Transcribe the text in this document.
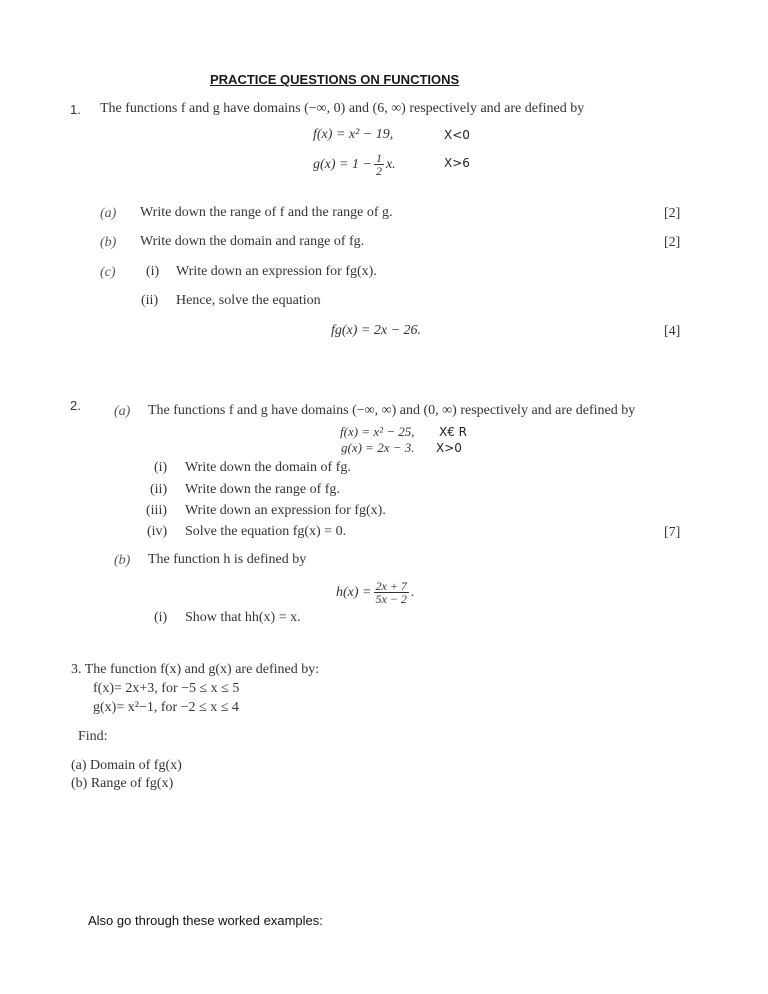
PRACTICE QUESTIONS ON FUNCTIONS
1. The functions f and g have domains (−∞, 0) and (6, ∞) respectively and are defined by
f(x) = x² − 19,	X<0
$g(x) = 1 - \frac{1}{2} x$.	X>6
(a) Write down the range of f and the range of g.	[2]
(b) Write down the domain and range of fg.	[2]
(c) (i) Write down an expression for fg(x).
(ii) Hence, solve the equation
fg(x) = 2x − 26.	[4]
2. (a) The functions f and g have domains (−∞, ∞) and (0, ∞) respectively and are defined by
f(x) = x² − 25, X€ R
g(x) = 2x − 3. X>0
(i) Write down the domain of fg.
(ii) Write down the range of fg.
(iii) Write down an expression for fg(x).
(iv) Solve the equation fg(x) = 0.	[7]
(b) The function h is defined by
$h(x) = \frac{2x + 7}{5x - 2}$ .
(i) Show that hh(x) = x.
3. The function f(x) and g(x) are defined by:
f(x)= 2x+3, for −5 ≤ x ≤ 5
g(x)= x²−1, for −2 ≤ x ≤ 4
Find:
(a) Domain of fg(x)
(b) Range of fg(x)
Also go through these worked examples:
